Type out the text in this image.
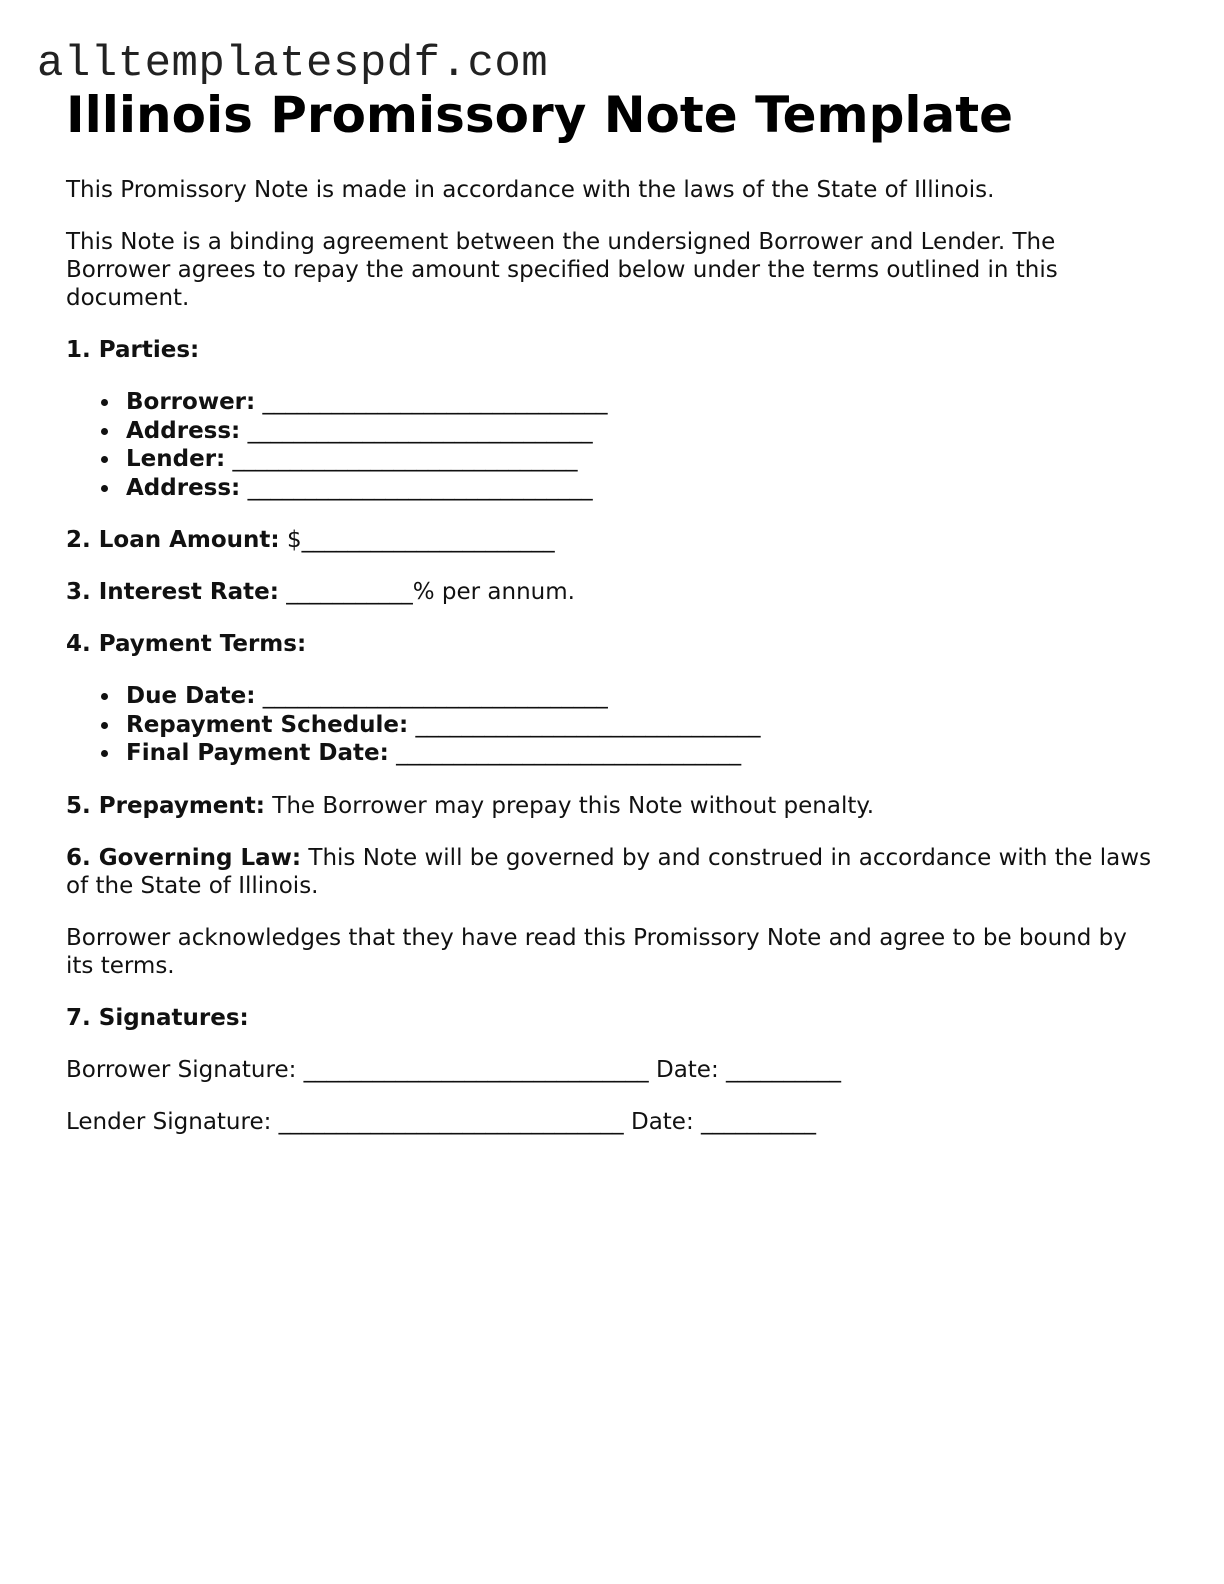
alltemplatespdf.com
Illinois Promissory Note Template

This Promissory Note is made in accordance with the laws of the State of Illinois.

This Note is a binding agreement between the undersigned Borrower and Lender. The Borrower agrees to repay the amount specified below under the terms outlined in this document.

1. Parties:

Borrower: ______________________________
Address: ______________________________
Lender: ______________________________
Address: ______________________________

2. Loan Amount: $______________________

3. Interest Rate: ___________% per annum.

4. Payment Terms:

Due Date: ______________________________
Repayment Schedule: ______________________________
Final Payment Date: ______________________________

5. Prepayment: The Borrower may prepay this Note without penalty.

6. Governing Law: This Note will be governed by and construed in accordance with the laws of the State of Illinois.

Borrower acknowledges that they have read this Promissory Note and agree to be bound by its terms.

7. Signatures:

Borrower Signature: ______________________________ Date: __________

Lender Signature: ______________________________ Date: __________
